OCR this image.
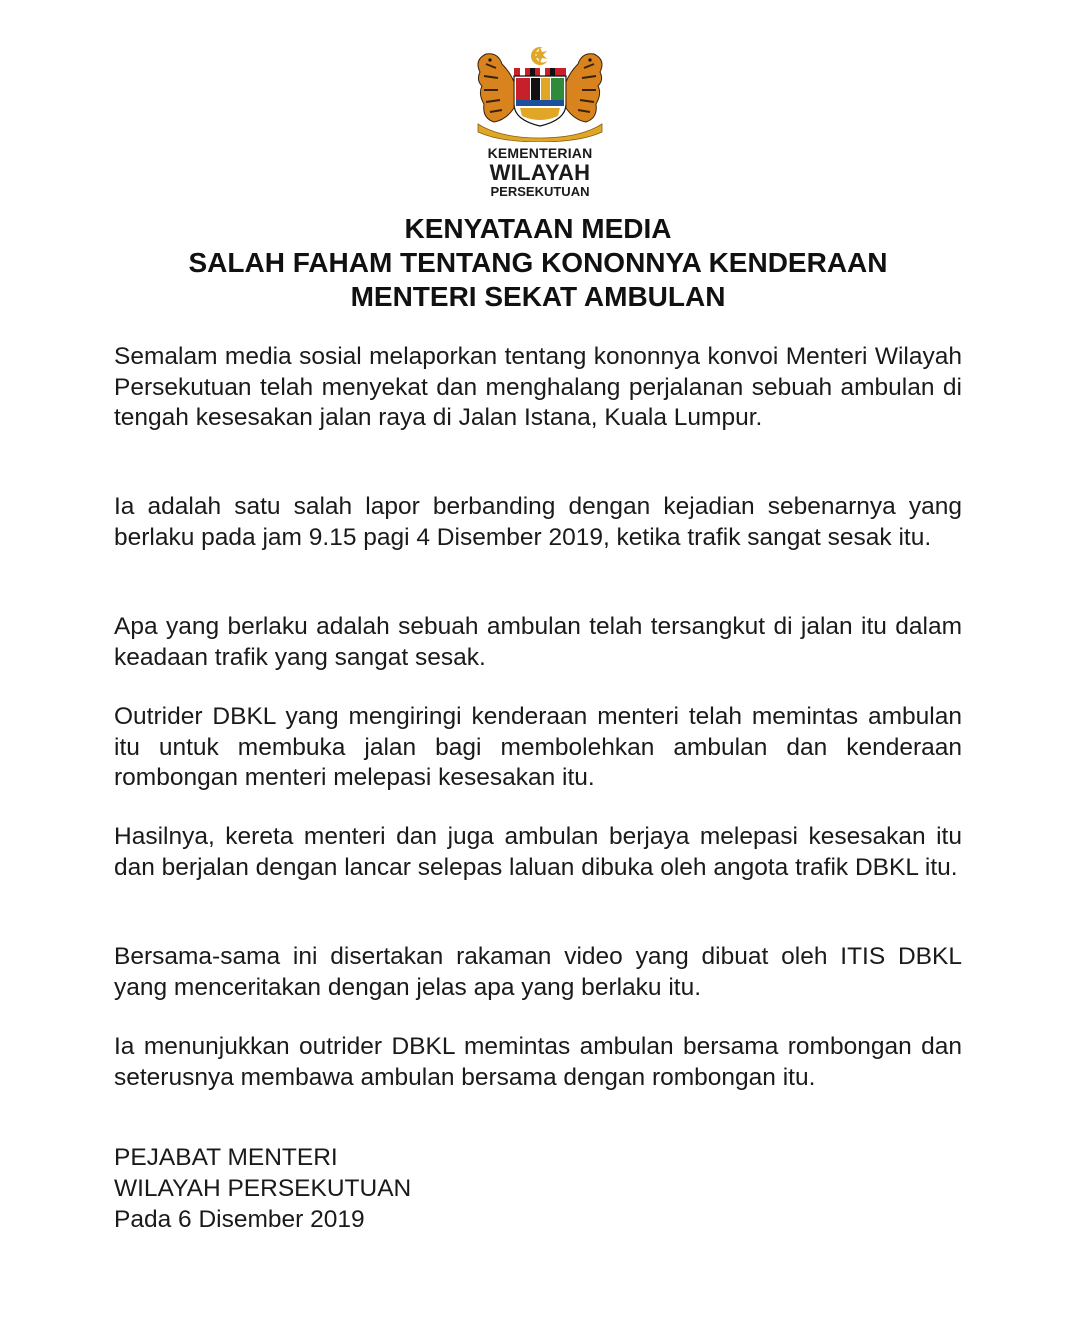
KEMENTERIAN
WILAYAH
PERSEKUTUAN
KENYATAAN MEDIA
SALAH FAHAM TENTANG KONONNYA KENDERAAN
MENTERI SEKAT AMBULAN

Semalam media sosial melaporkan tentang kononnya konvoi Menteri Wilayah Persekutuan telah menyekat dan menghalang perjalanan sebuah ambulan di tengah kesesakan jalan raya di Jalan Istana, Kuala Lumpur.

Ia adalah satu salah lapor berbanding dengan kejadian sebenarnya yang berlaku pada jam 9.15 pagi 4 Disember 2019, ketika trafik sangat sesak itu.

Apa yang berlaku adalah sebuah ambulan telah tersangkut di jalan itu dalam keadaan trafik yang sangat sesak.

Outrider DBKL yang mengiringi kenderaan menteri telah memintas ambulan itu untuk membuka jalan bagi membolehkan ambulan dan kenderaan rombongan menteri melepasi kesesakan itu.

Hasilnya, kereta menteri dan juga ambulan berjaya melepasi kesesakan itu dan berjalan dengan lancar selepas laluan dibuka oleh angota trafik DBKL itu.

Bersama-sama ini disertakan rakaman video yang dibuat oleh ITIS DBKL yang menceritakan dengan jelas apa yang berlaku itu.

Ia menunjukkan outrider DBKL memintas ambulan bersama rombongan dan seterusnya membawa ambulan bersama dengan rombongan itu.

PEJABAT MENTERI
WILAYAH PERSEKUTUAN
Pada 6 Disember 2019
